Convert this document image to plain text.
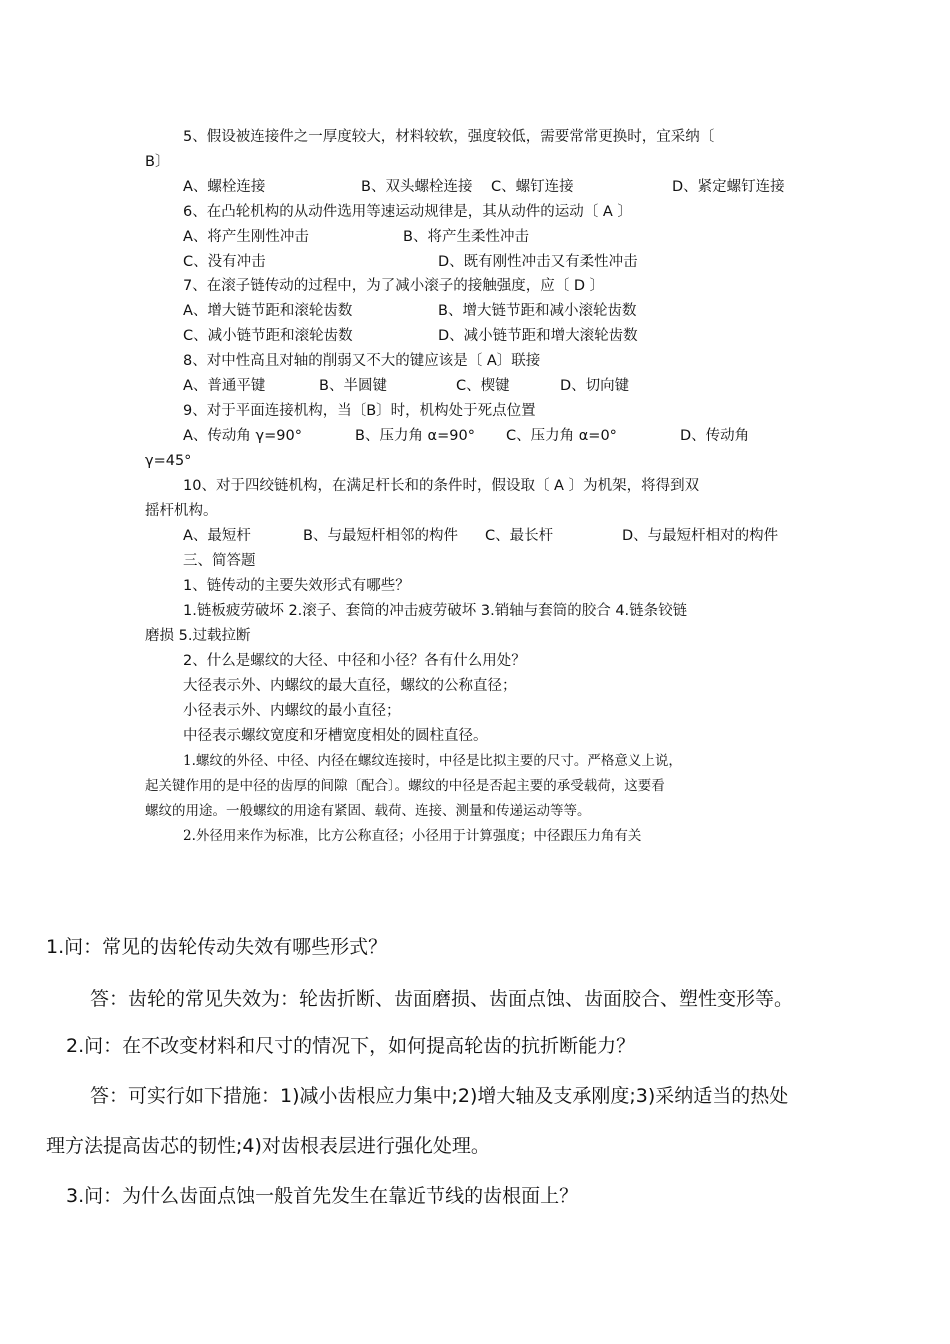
5、假设被连接件之一厚度较大，材料较软，强度较低，需要常常更换时，宜采纳〔
B〕
A、螺栓连接	B、双头螺栓连接 C、螺钉连接	D、紧定螺钉连接
6、在凸轮机构的从动件选用等速运动规律是，其从动件的运动〔 A 〕
A、将产生刚性冲击	B、将产生柔性冲击
C、没有冲击	D、既有刚性冲击又有柔性冲击
7、在滚子链传动的过程中，为了减小滚子的接触强度，应〔 D 〕
A、增大链节距和滚轮齿数	B、增大链节距和减小滚轮齿数
C、减小链节距和滚轮齿数	D、减小链节距和增大滚轮齿数
8、对中性高且对轴的削弱又不大的键应该是〔 A〕联接
A、普通平键	B、半圆键	C、楔键	D、切向键
9、对于平面连接机构，当〔B〕时，机构处于死点位置
A、传动角 γ=90°	B、压力角 α=90° C、压力角 α=0°	D、传动角
γ=45°
10、对于四绞链机构，在满足杆长和的条件时，假设取〔 A 〕为机架，将得到双
摇杆机构。
A、最短杆	B、与最短杆相邻的构件 C、最长杆	D、与最短杆相对的构件
三、简答题
1、链传动的主要失效形式有哪些？
1.链板疲劳破坏 2.滚子、套筒的冲击疲劳破坏 3.销轴与套筒的胶合 4.链条铰链
磨损 5.过载拉断
2、什么是螺纹的大径、中径和小径？各有什么用处？
大径表示外、内螺纹的最大直径，螺纹的公称直径；
小径表示外、内螺纹的最小直径；
中径表示螺纹宽度和牙槽宽度相处的圆柱直径。
1.螺纹的外径、中径、内径在螺纹连接时，中径是比拟主要的尺寸。严格意义上说，
起关键作用的是中径的齿厚的间隙〔配合〕。螺纹的中径是否起主要的承受载荷，这要看
螺纹的用途。一般螺纹的用途有紧固、载荷、连接、测量和传递运动等等。
2.外径用来作为标准，比方公称直径；小径用于计算强度；中径跟压力角有关
1.问：常见的齿轮传动失效有哪些形式？
答：齿轮的常见失效为：轮齿折断、齿面磨损、齿面点蚀、齿面胶合、塑性变形等。
2.问：在不改变材料和尺寸的情况下，如何提高轮齿的抗折断能力？
答：可实行如下措施：1)减小齿根应力集中;2)增大轴及支承刚度;3)采纳适当的热处
理方法提高齿芯的韧性;4)对齿根表层进行强化处理。
3.问：为什么齿面点蚀一般首先发生在靠近节线的齿根面上？
